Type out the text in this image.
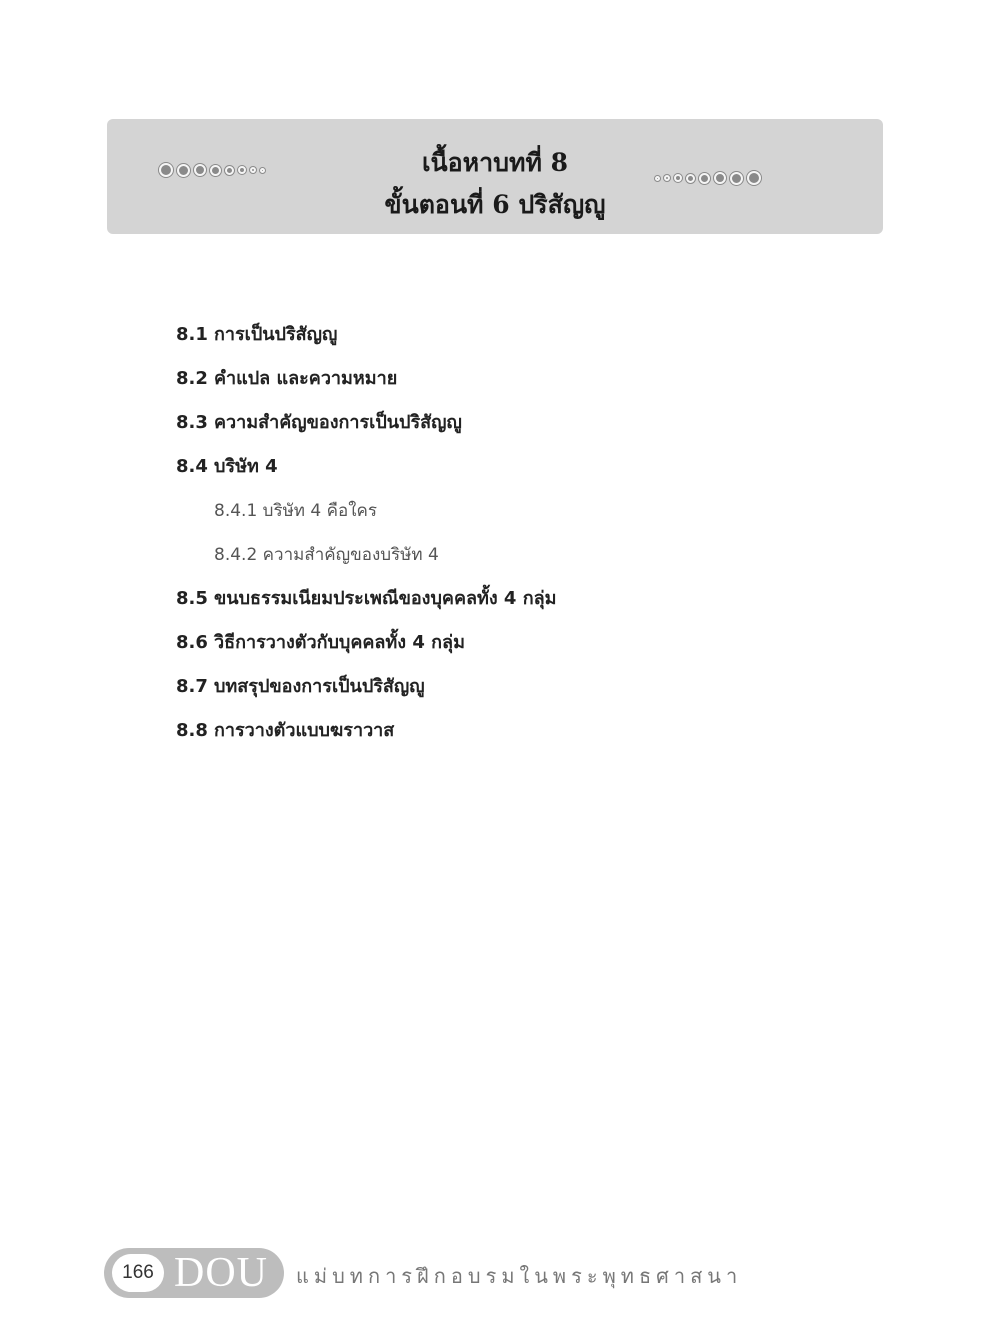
เนื้อหาบทที่ 8
ขั้นตอนที่ 6 ปริสัญญู
8.1 การเป็นปริสัญญู
8.2 คำแปล และความหมาย
8.3 ความสำคัญของการเป็นปริสัญญู
8.4 บริษัท 4
8.4.1 บริษัท 4 คือใคร
8.4.2 ความสำคัญของบริษัท 4
8.5 ขนบธรรมเนียมประเพณีของบุคคลทั้ง 4 กลุ่ม
8.6 วิธีการวางตัวกับบุคคลทั้ง 4 กลุ่ม
8.7 บทสรุปของการเป็นปริสัญญู
8.8 การวางตัวแบบฆราวาส
166 DOU แม่บทการฝึกอบรมในพระพุทธศาสนา
